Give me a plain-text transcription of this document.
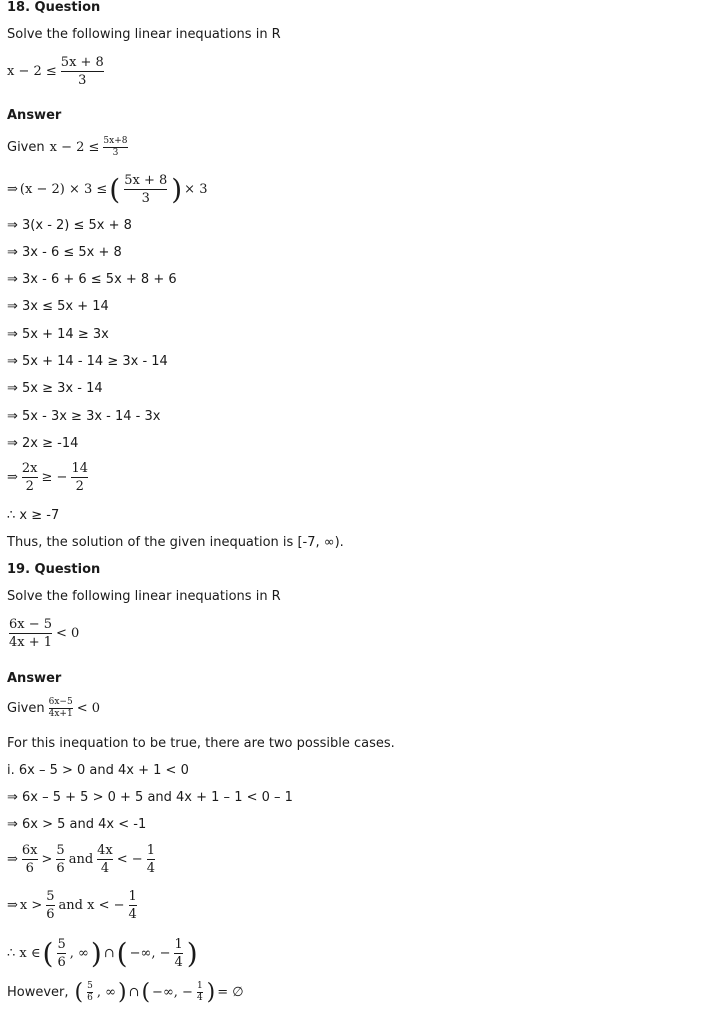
18. Question
Solve the following linear inequations in R
$x - 2 \le \frac{5x + 8}{3}$
Answer
Given $x - 2 \le \frac{5x+8}{3}$
⇒ (x − 2) × 3 ≤ ( $\frac{5x + 8}{3}$ ) × 3
⇒ 3(x - 2) ≤ 5x + 8
⇒ 3x - 6 ≤ 5x + 8
⇒ 3x - 6 + 6 ≤ 5x + 8 + 6
⇒ 3x ≤ 5x + 14
⇒ 5x + 14 ≥ 3x
⇒ 5x + 14 - 14 ≥ 3x - 14
⇒ 5x ≥ 3x - 14
⇒ 5x - 3x ≥ 3x - 14 - 3x
⇒ 2x ≥ -14
⇒ $\frac{2x}{2}$ ≥ − $\frac{14}{2}$
∴ x ≥ -7
Thus, the solution of the given inequation is [-7, ∞).
19. Question
Solve the following linear inequations in R
$\frac{6x - 5}{4x + 1} < 0$
Answer
Given $\frac{6x-5}{4x+1} < 0$
For this inequation to be true, there are two possible cases.
i. 6x – 5 > 0 and 4x + 1 < 0
⇒ 6x – 5 + 5 > 0 + 5 and 4x + 1 – 1 < 0 – 1
⇒ 6x > 5 and 4x < -1
⇒ $\frac{6x}{6} > \frac{5}{6}$ and $\frac{4x}{4}$ < − $\frac{1}{4}$
⇒ $x > \frac{5}{6}$ and x < − $\frac{1}{4}$
∴ x ∈ ( $\frac{5}{6}$ , ∞ ) ∩ ( −∞, − $\frac{1}{4}$ )
However, ( $\frac{5}{6}$ , ∞ ) ∩ ( −∞, − $\frac{1}{4}$ ) = ∅
